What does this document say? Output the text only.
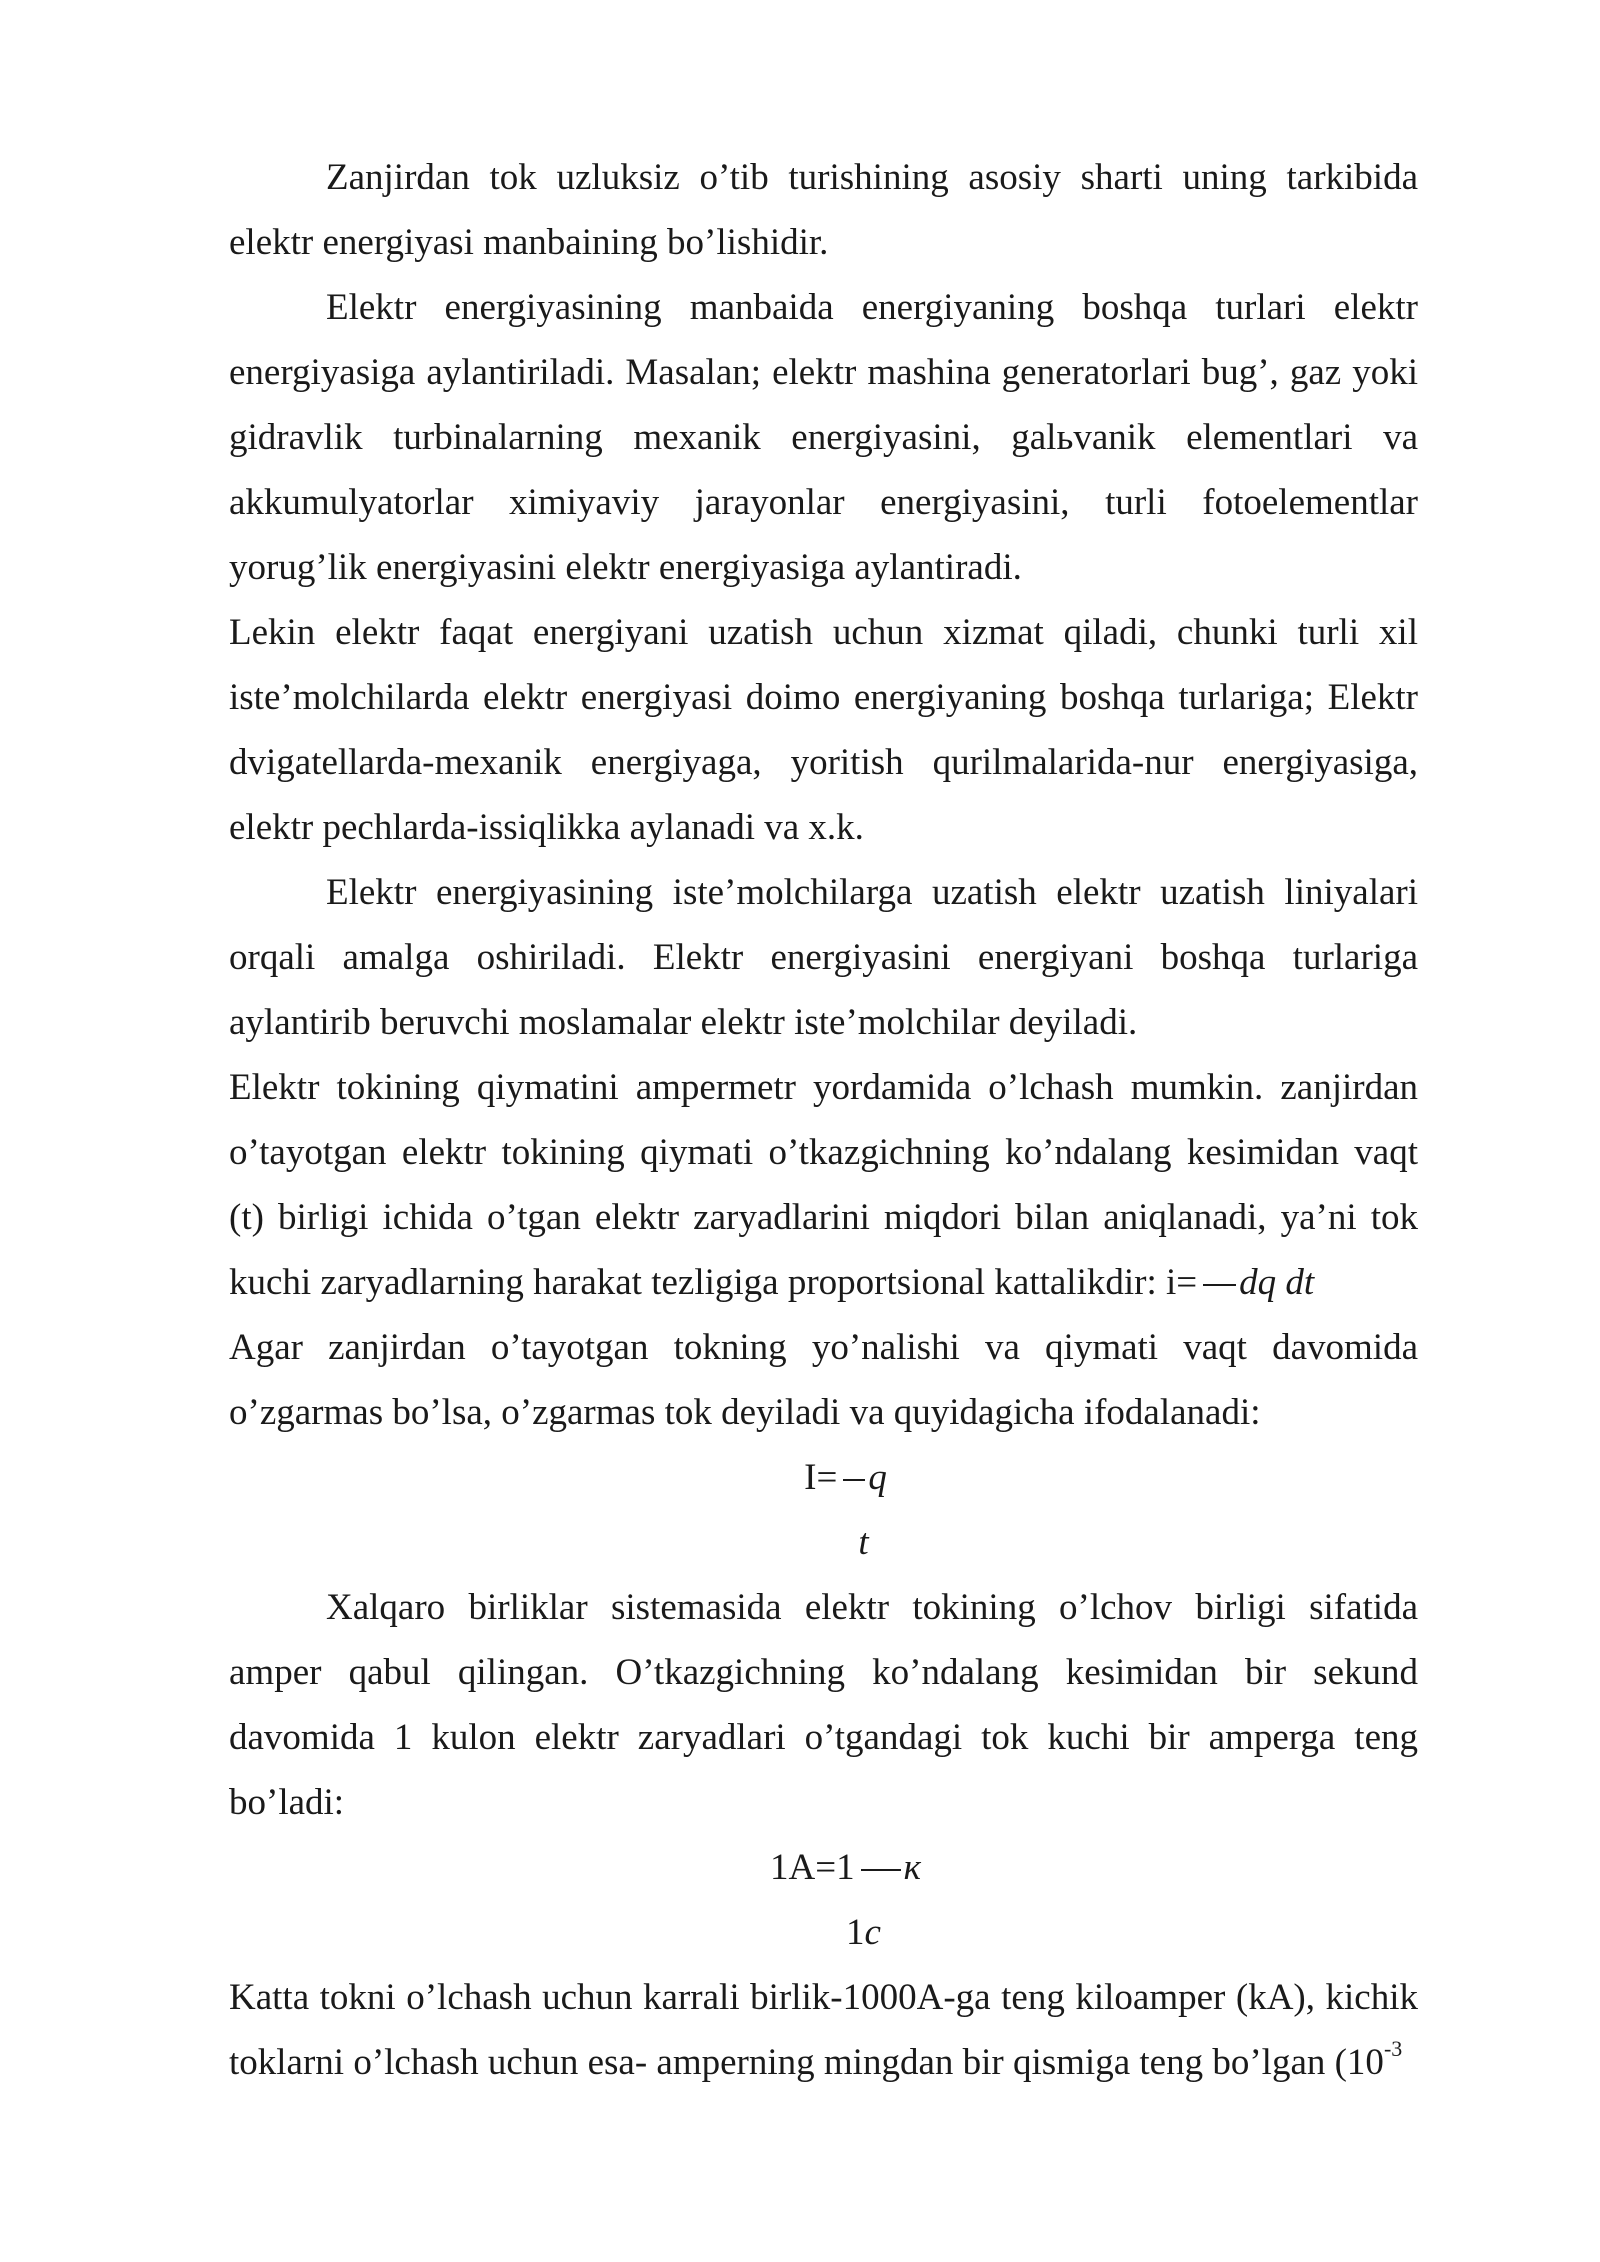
Zanjirdan tok uzluksiz o’tib turishining asosiy sharti uning tarkibida elektr energiyasi manbaining bo’lishidir.

Elektr energiyasining manbaida energiyaning boshqa turlari elektr energiyasiga aylantiriladi. Masalan; elektr mashina generatorlari bug’, gaz yoki gidravlik turbinalarning mexanik energiyasini, galьvanik elementlari va akkumulyatorlar ximiyaviy jarayonlar energiyasini, turli fotoelementlar yorug’lik energiyasini elektr energiyasiga aylantiradi.

Lekin elektr faqat energiyani uzatish uchun xizmat qiladi, chunki turli xil iste’molchilarda elektr energiyasi doimo energiyaning boshqa turlariga; Elektr dvigatellarda-mexanik energiyaga, yoritish qurilmalarida-nur energiyasiga, elektr pechlarda-issiqlikka aylanadi va x.k.

Elektr energiyasining iste’molchilarga uzatish elektr uzatish liniyalari orqali amalga oshiriladi. Elektr energiyasini energiyani boshqa turlariga aylantirib beruvchi moslamalar elektr iste’molchilar deyiladi.

Elektr tokining qiymatini ampermetr yordamida o’lchash mumkin. zanjirdan o’tayotgan elektr tokining qiymati o’tkazgichning ko’ndalang kesimidan vaqt (t) birligi ichida o’tgan elektr zaryadlarini miqdori bilan aniqlanadi, ya’ni tok kuchi zaryadlarning harakat tezligiga proportsional kattalikdir: i= dq dt

Agar zanjirdan o’tayotgan tokning yo’nalishi va qiymati vaqt davomida o’zgarmas bo’lsa, o’zgarmas tok deyiladi va quyidagicha ifodalanadi:

I= q

t

Xalqaro birliklar sistemasida elektr tokining o’lchov birligi sifatida amper qabul qilingan. O’tkazgichning ko’ndalang kesimidan bir sekund davomida 1 kulon elektr zaryadlari o’tgandagi tok kuchi bir amperga teng bo’ladi:

1A=1 к

1c

Katta tokni o’lchash uchun karrali birlik-1000A-ga teng kiloamper (kA), kichik toklarni o’lchash uchun esa- amperning mingdan bir qismiga teng bo’lgan ($10^{-3}$
